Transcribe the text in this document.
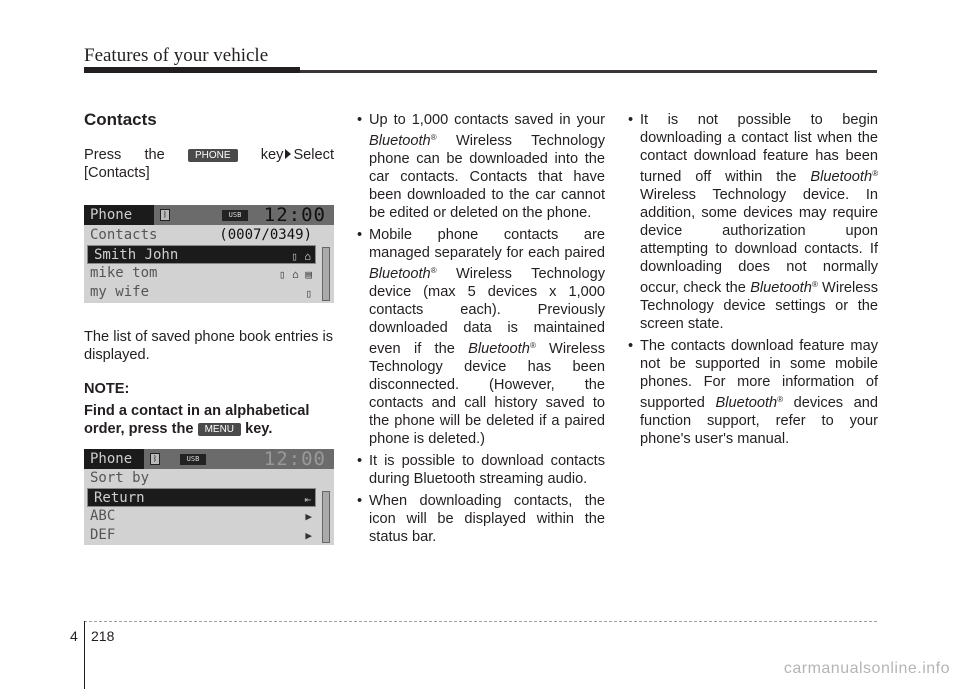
Features of your vehicle
Contacts
Press the	PHONE key Select
[Contacts]
Phone	ᛒ	USB	12:00
Contacts	(0007/0349)
Smith John	▯ ⌂
mike tom	▯ ⌂ ▤
my wife	▯
The list of saved phone book entries is displayed.
NOTE:
Find a contact in an alphabetical order, press the MENU key.
Phone	ᛒ	USB	12:00
Sort by
Return	⇤
ABC	▶
DEF	▶
• Up to 1,000 contacts saved in your Bluetooth® Wireless Technology phone can be downloaded into the car contacts. Contacts that have been downloaded to the car cannot be edited or deleted on the phone.
• Mobile phone contacts are managed separately for each paired Bluetooth® Wireless Technology device (max 5 devices x 1,000 contacts each). Previously downloaded data is maintained even if the Bluetooth® Wireless Technology device has been disconnected. (However, the contacts and call history saved to the phone will be deleted if a paired phone is deleted.)
• It is possible to download contacts during Bluetooth streaming audio.
• When downloading contacts, the icon will be displayed within the status bar.
• It is not possible to begin downloading a contact list when the contact download feature has been turned off within the Bluetooth® Wireless Technology device. In addition, some devices may require device authorization upon attempting to download contacts. If downloading does not normally occur, check the Bluetooth® Wireless Technology device settings or the screen state.
• The contacts download feature may not be supported in some mobile phones. For more information of supported Bluetooth® devices and function support, refer to your phone's user's manual.
4 218
carmanualsonline.info
